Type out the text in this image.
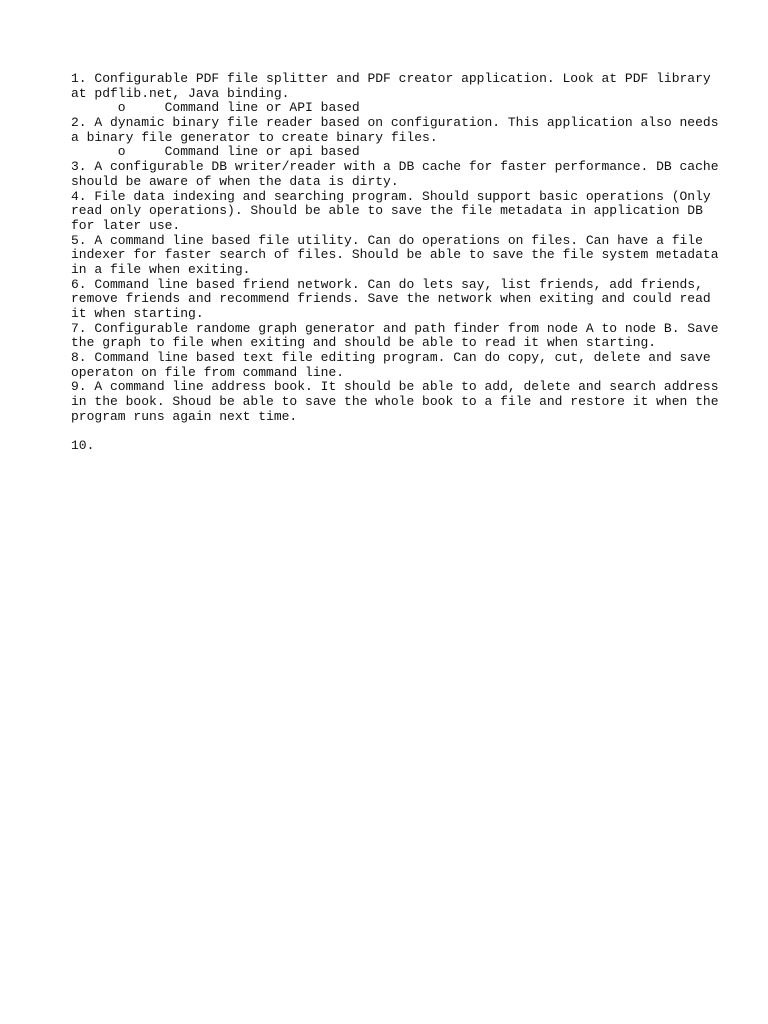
1. Configurable PDF file splitter and PDF creator application. Look at PDF library
at pdflib.net, Java binding.
o     Command line or API based
2. A dynamic binary file reader based on configuration. This application also needs
a binary file generator to create binary files.
o     Command line or api based
3. A configurable DB writer/reader with a DB cache for faster performance. DB cache
should be aware of when the data is dirty.
4. File data indexing and searching program. Should support basic operations (Only
read only operations). Should be able to save the file metadata in application DB
for later use.
5. A command line based file utility. Can do operations on files. Can have a file
indexer for faster search of files. Should be able to save the file system metadata
in a file when exiting.
6. Command line based friend network. Can do lets say, list friends, add friends,
remove friends and recommend friends. Save the network when exiting and could read
it when starting.
7. Configurable randome graph generator and path finder from node A to node B. Save
the graph to file when exiting and should be able to read it when starting.
8. Command line based text file editing program. Can do copy, cut, delete and save
operaton on file from command line.
9. A command line address book. It should be able to add, delete and search address
in the book. Shoud be able to save the whole book to a file and restore it when the
program runs again next time.
10.
